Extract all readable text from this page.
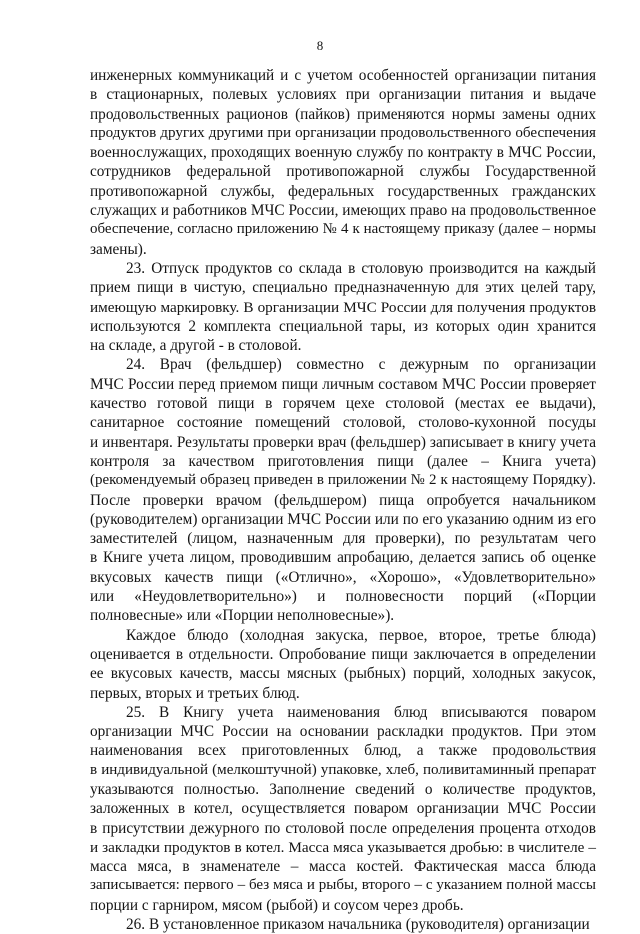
8
инженерных коммуникаций и с учетом особенностей организации питания
в стационарных, полевых условиях при организации питания и выдаче
продовольственных рационов (пайков) применяются нормы замены одних
продуктов других другими при организации продовольственного обеспечения
военнослужащих, проходящих военную службу по контракту в МЧС России,
сотрудников федеральной противопожарной службы Государственной
противопожарной службы, федеральных государственных гражданских
служащих и работников МЧС России, имеющих право на продовольственное
обеспечение, согласно приложению № 4 к настоящему приказу (далее – нормы
замены).
23. Отпуск продуктов со склада в столовую производится на каждый
прием пищи в чистую, специально предназначенную для этих целей тару,
имеющую маркировку. В организации МЧС России для получения продуктов
используются 2 комплекта специальной тары, из которых один хранится
на складе, а другой - в столовой.
24. Врач (фельдшер) совместно с дежурным по организации
МЧС России перед приемом пищи личным составом МЧС России проверяет
качество готовой пищи в горячем цехе столовой (местах ее выдачи),
санитарное состояние помещений столовой, столово-кухонной посуды
и инвентаря. Результаты проверки врач (фельдшер) записывает в книгу учета
контроля за качеством приготовления пищи (далее – Книга учета)
(рекомендуемый образец приведен в приложении № 2 к настоящему Порядку).
После проверки врачом (фельдшером) пища опробуется начальником
(руководителем) организации МЧС России или по его указанию одним из его
заместителей (лицом, назначенным для проверки), по результатам чего
в Книге учета лицом, проводившим апробацию, делается запись об оценке
вкусовых качеств пищи («Отлично», «Хорошо», «Удовлетворительно»
или «Неудовлетворительно») и полновесности порций («Порции
полновесные» или «Порции неполновесные»).
Каждое блюдо (холодная закуска, первое, второе, третье блюда)
оценивается в отдельности. Опробование пищи заключается в определении
ее вкусовых качеств, массы мясных (рыбных) порций, холодных закусок,
первых, вторых и третьих блюд.
25. В Книгу учета наименования блюд вписываются поваром
организации МЧС России на основании раскладки продуктов. При этом
наименования всех приготовленных блюд, а также продовольствия
в индивидуальной (мелкоштучной) упаковке, хлеб, поливитаминный препарат
указываются полностью. Заполнение сведений о количестве продуктов,
заложенных в котел, осуществляется поваром организации МЧС России
в присутствии дежурного по столовой после определения процента отходов
и закладки продуктов в котел. Масса мяса указывается дробью: в числителе –
масса мяса, в знаменателе – масса костей. Фактическая масса блюда
записывается: первого – без мяса и рыбы, второго – с указанием полной массы
порции с гарниром, мясом (рыбой) и соусом через дробь.
26. В установленное приказом начальника (руководителя) организации
